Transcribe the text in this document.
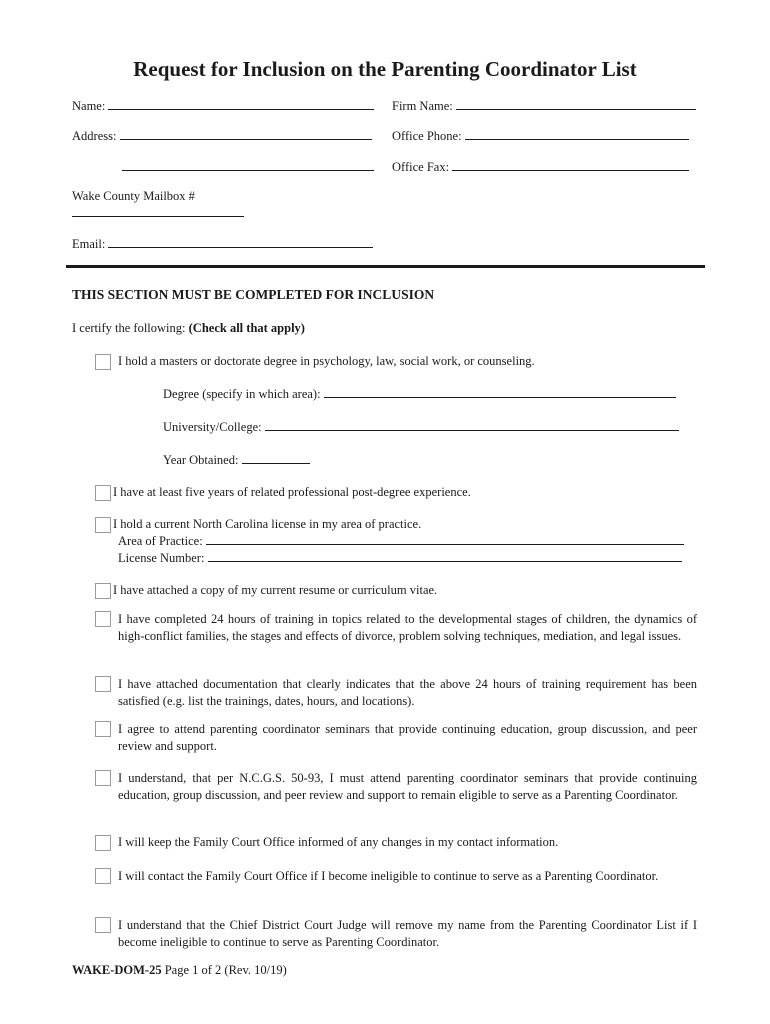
Request for Inclusion on the Parenting Coordinator List
Name:	Firm Name:
Address:	Office Phone:
Office Fax:
Wake County Mailbox #
Email:
THIS SECTION MUST BE COMPLETED FOR INCLUSION
I certify the following: (Check all that apply)
I hold a masters or doctorate degree in psychology, law, social work, or counseling.
Degree (specify in which area):
University/College:
Year Obtained:
I have at least five years of related professional post-degree experience.
I hold a current North Carolina license in my area of practice.
Area of Practice:
License Number:
I have attached a copy of my current resume or curriculum vitae.
I have completed 24 hours of training in topics related to the developmental stages of children, the dynamics of high-conflict families, the stages and effects of divorce, problem solving techniques, mediation, and legal issues.
I have attached documentation that clearly indicates that the above 24 hours of training requirement has been satisfied (e.g. list the trainings, dates, hours, and locations).
I agree to attend parenting coordinator seminars that provide continuing education, group discussion, and peer review and support.
I understand, that per N.C.G.S. 50-93, I must attend parenting coordinator seminars that provide continuing education, group discussion, and peer review and support to remain eligible to serve as a Parenting Coordinator.
I will keep the Family Court Office informed of any changes in my contact information.
I will contact the Family Court Office if I become ineligible to continue to serve as a Parenting Coordinator.
I understand that the Chief District Court Judge will remove my name from the Parenting Coordinator List if I become ineligible to continue to serve as Parenting Coordinator.
WAKE-DOM-25 Page 1 of 2 (Rev. 10/19)
